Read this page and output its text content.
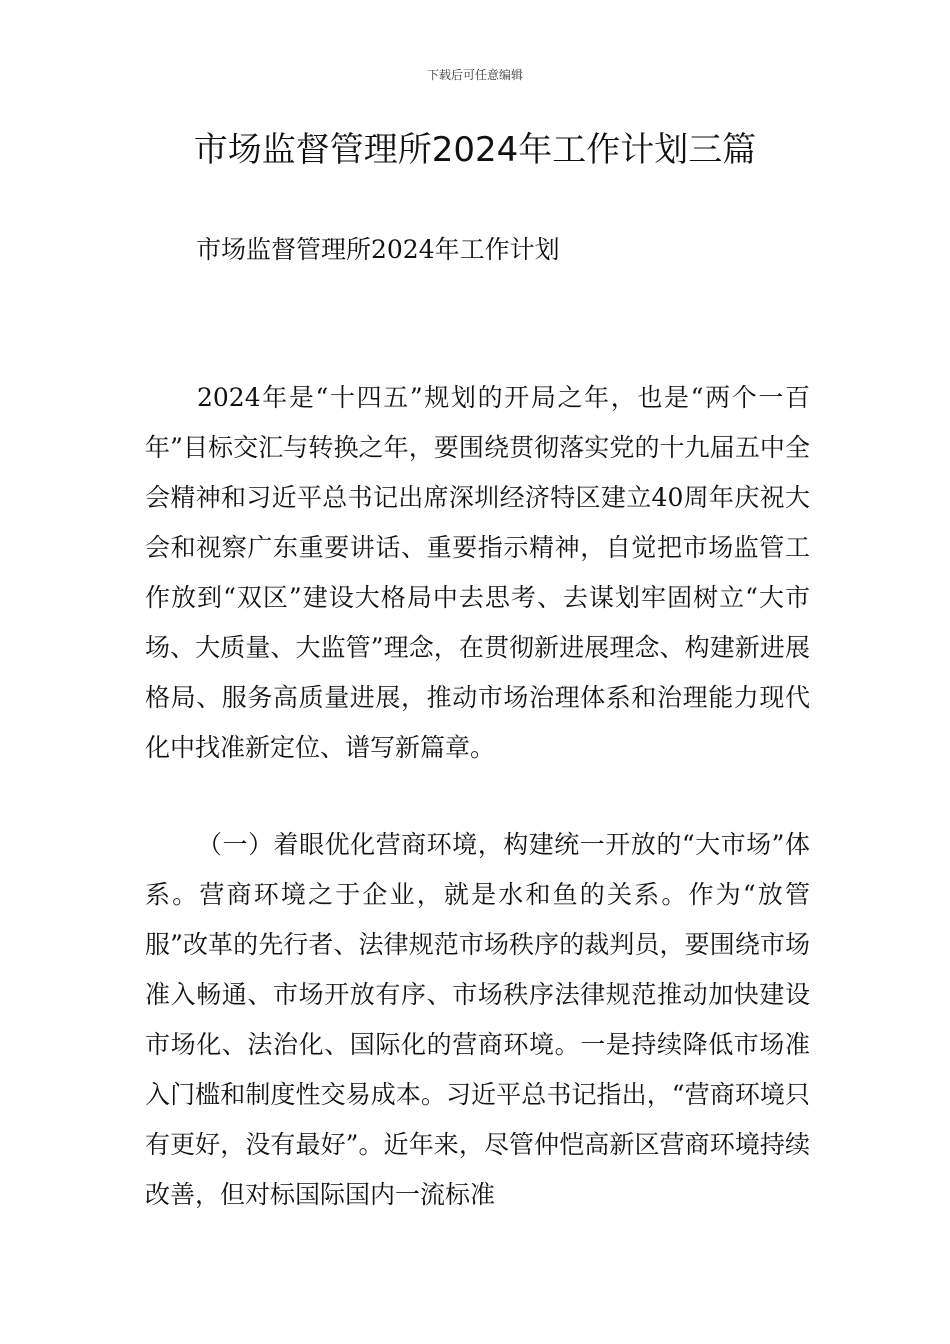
下载后可任意编辑
市场监督管理所2024年工作计划三篇

市场监督管理所2024年工作计划

2024年是“十四五”规划的开局之年，也是“两个一百年”目标交汇与转换之年，要围绕贯彻落实党的十九届五中全会精神和习近平总书记出席深圳经济特区建立40周年庆祝大会和视察广东重要讲话、重要指示精神，自觉把市场监管工作放到“双区”建设大格局中去思考、去谋划牢固树立“大市场、大质量、大监管”理念，在贯彻新进展理念、构建新进展格局、服务高质量进展，推动市场治理体系和治理能力现代化中找准新定位、谱写新篇章。

（一）着眼优化营商环境，构建统一开放的“大市场”体系。营商环境之于企业，就是水和鱼的关系。作为“放管服”改革的先行者、法律规范市场秩序的裁判员，要围绕市场准入畅通、市场开放有序、市场秩序法律规范推动加快建设市场化、法治化、国际化的营商环境。一是持续降低市场准入门槛和制度性交易成本。习近平总书记指出，“营商环境只有更好，没有最好”。近年来，尽管仲恺高新区营商环境持续改善，但对标国际国内一流标准
